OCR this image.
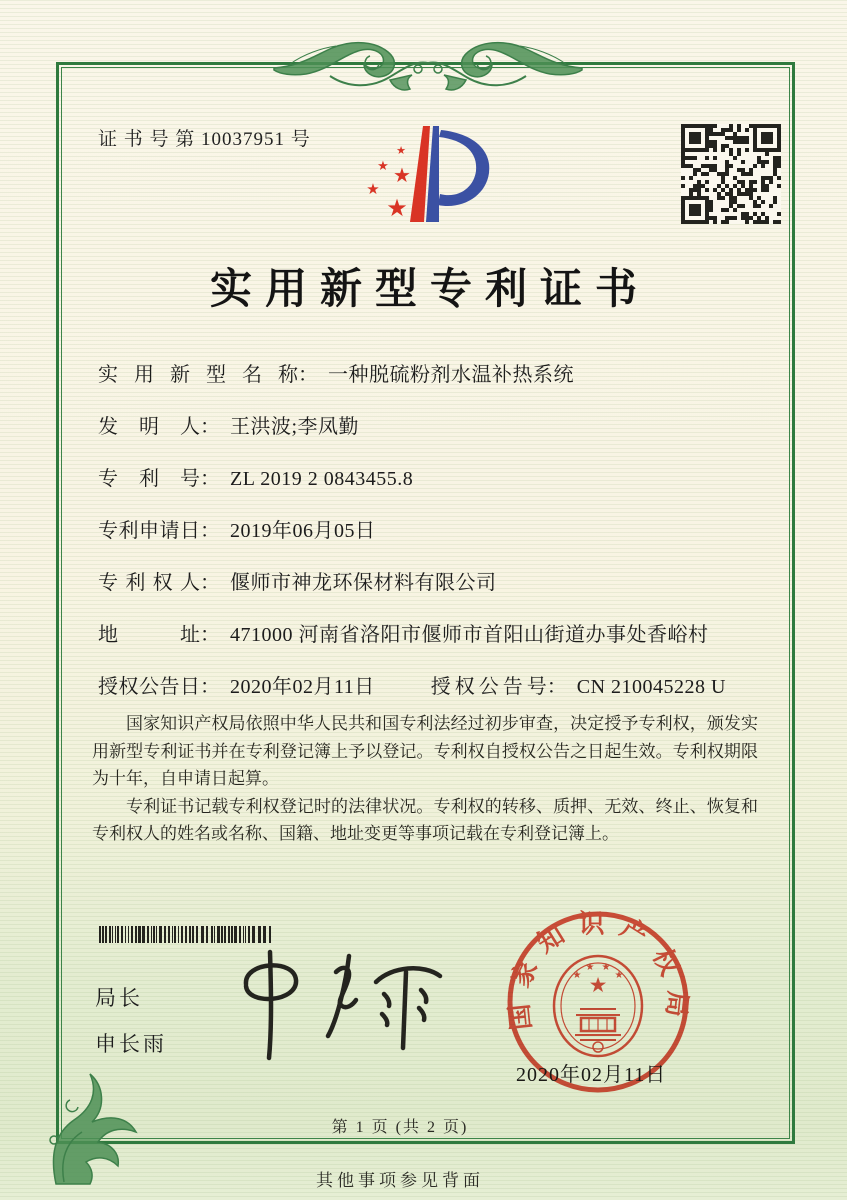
证 书 号 第 10037951 号
★
★ ★
★
★
实用新型专利证书
实用新型名称： 一种脱硫粉剂水温补热系统
发明人： 王洪波;李凤勤
专利号： ZL 2019 2 0843455.8
专利申请日： 2019年06月05日
专利权人： 偃师市神龙环保材料有限公司
地址： 471000 河南省洛阳市偃师市首阳山街道办事处香峪村
授权公告日： 2020年02月11日	授权公告号： CN 210045228 U

国家知识产权局依照中华人民共和国专利法经过初步审查，决定授予专利权，颁发实用新型专利证书并在专利登记簿上予以登记。专利权自授权公告之日起生效。专利权期限为十年，自申请日起算。

专利证书记载专利权登记时的法律状况。专利权的转移、质押、无效、终止、恢复和专利权人的姓名或名称、国籍、地址变更等事项记载在专利登记簿上。

国家知识产权局
★
★
★ ★
★
2020年02月11日
局长
申长雨
第 1 页 (共 2 页)
其他事项参见背面
